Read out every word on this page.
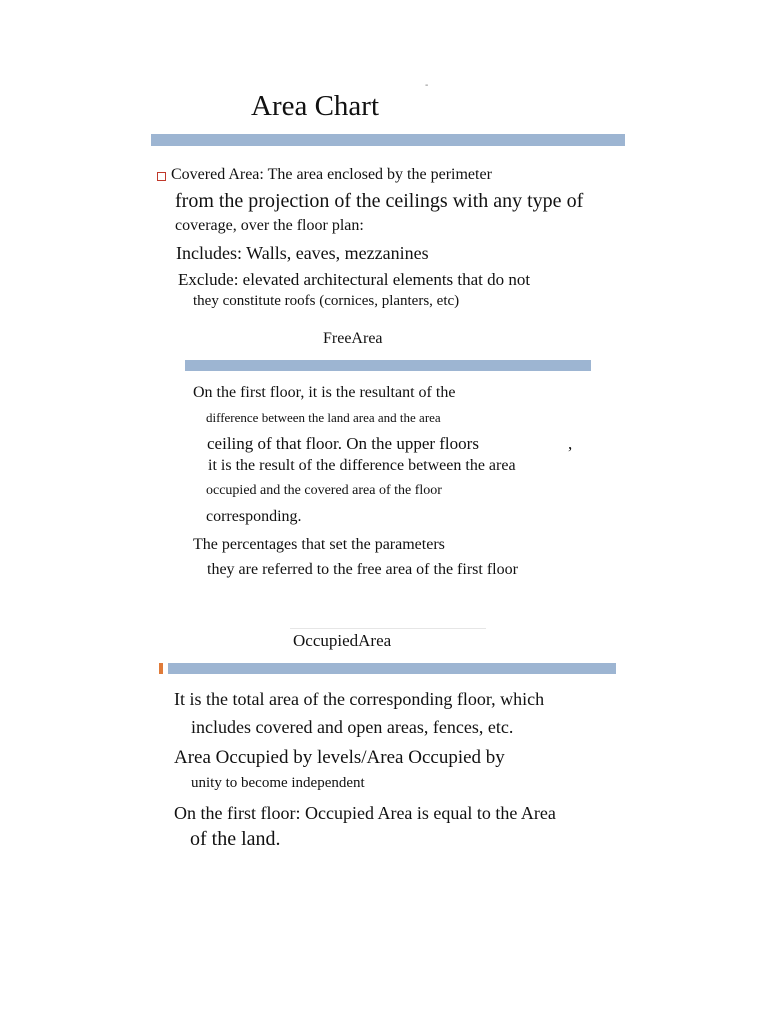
Area Chart
-
Covered Area: The area enclosed by the perimeter
from the projection of the ceilings with any type of
coverage, over the floor plan:
Includes: Walls, eaves, mezzanines
Exclude: elevated architectural elements that do not
they constitute roofs (cornices, planters, etc)
FreeArea
On the first floor, it is the resultant of the
difference between the land area and the area
ceiling of that floor. On the upper floors	,
it is the result of the difference between the area
occupied and the covered area of the floor
corresponding.
The percentages that set the parameters
they are referred to the free area of the first floor
OccupiedArea
It is the total area of the corresponding floor, which
includes covered and open areas, fences, etc.
Area Occupied by levels/Area Occupied by
unity to become independent
On the first floor: Occupied Area is equal to the Area
of the land.
